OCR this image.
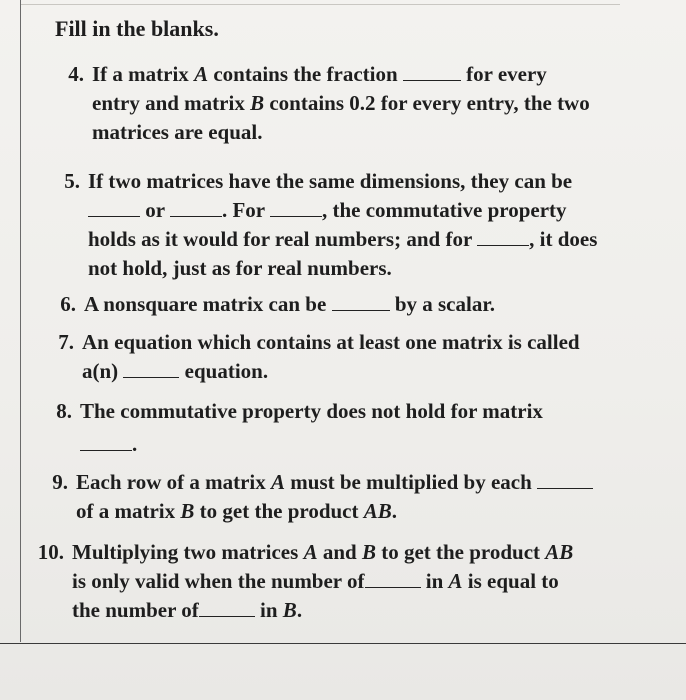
Fill in the blanks.
4. If a matrix A contains the fraction	for every
entry and matrix B contains 0.2 for every entry, the two
matrices are equal.
5. If two matrices have the same dimensions, they can be
or	. For	, the commutative property
holds as it would for real numbers; and for	, it does
not hold, just as for real numbers.
6. A nonsquare matrix can be	by a scalar.
7. An equation which contains at least one matrix is called
a(n)	equation.
8. The commutative property does not hold for matrix
.
9. Each row of a matrix A must be multiplied by each
of a matrix B to get the product AB.
10. Multiplying two matrices A and B to get the product AB
is only valid when the number of	in A is equal to
the number of	in B.
